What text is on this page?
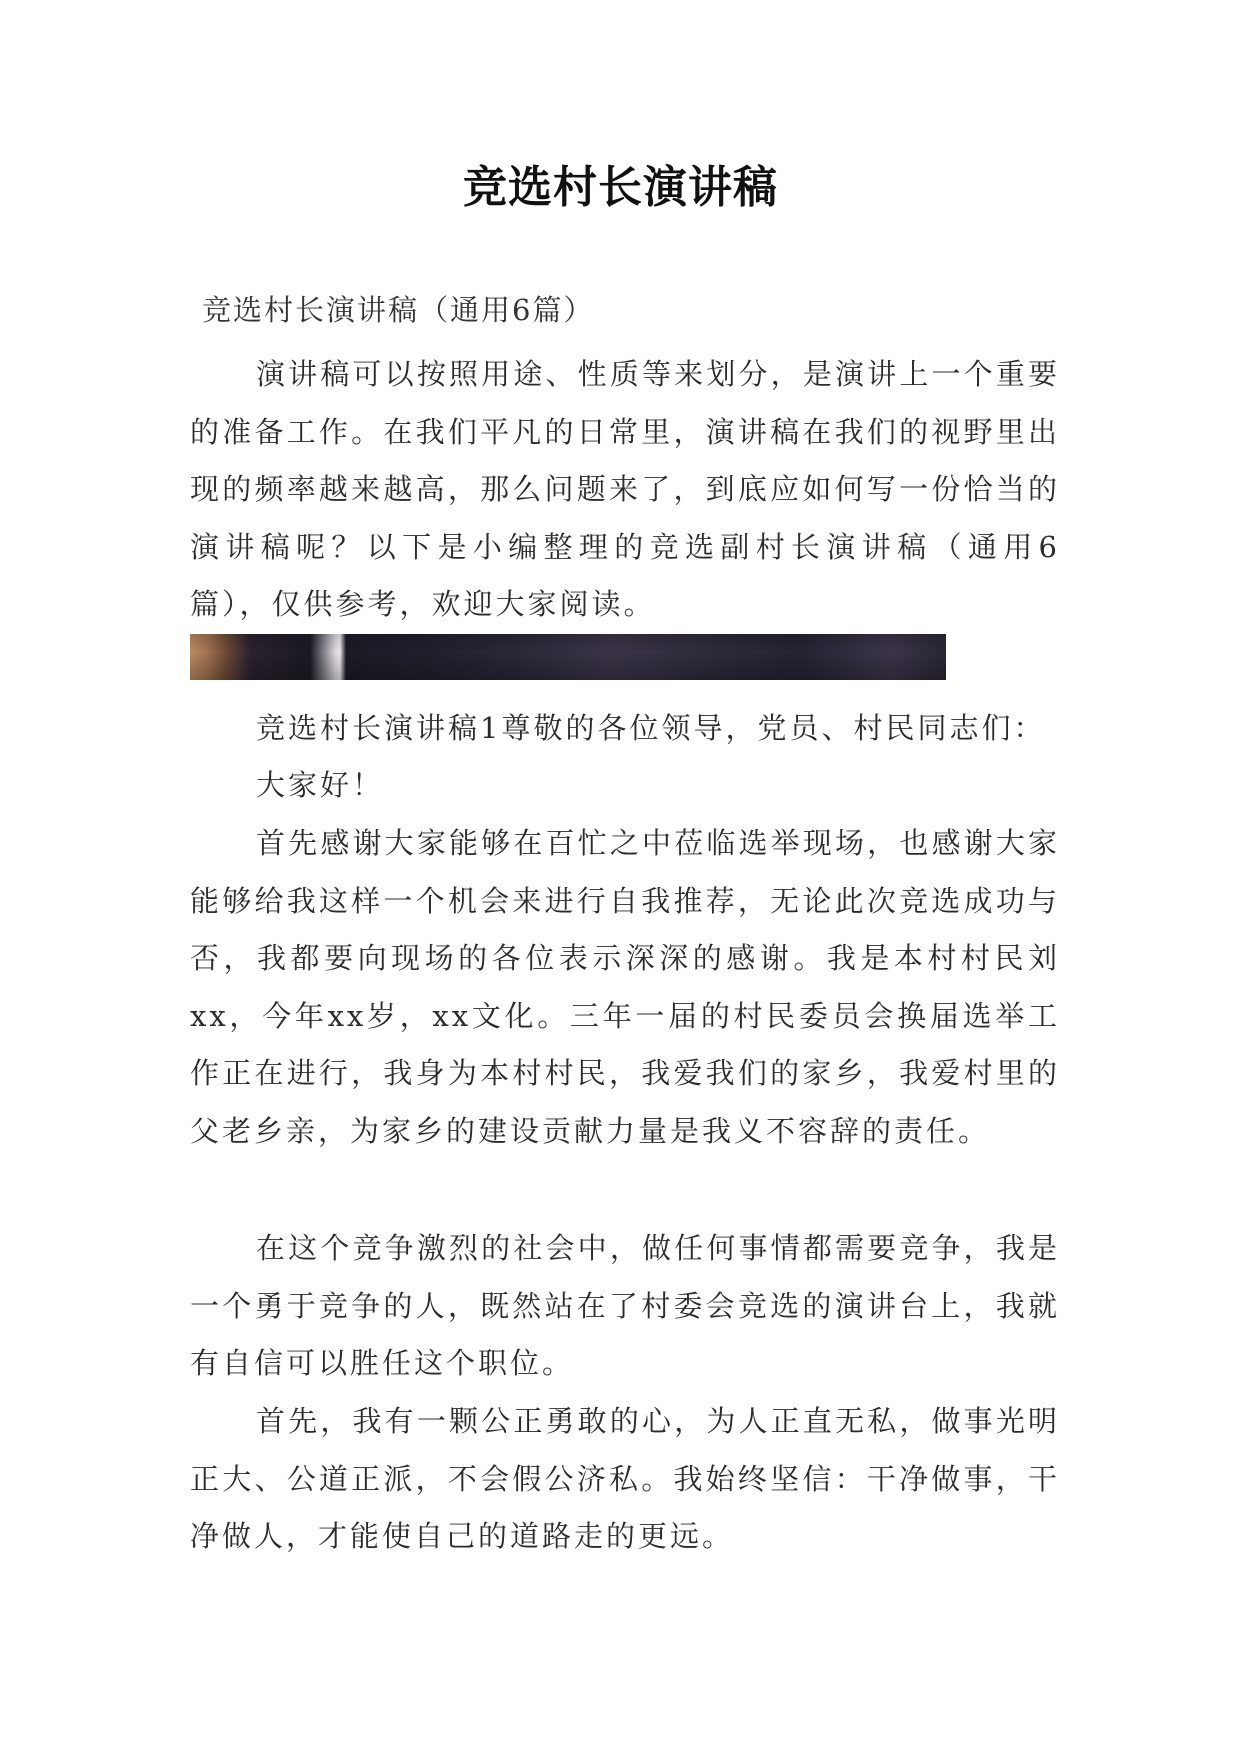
竞选村长演讲稿
竞选村长演讲稿（通用6篇）
演讲稿可以按照用途、性质等来划分，是演讲上一个重要的准备工作。在我们平凡的日常里，演讲稿在我们的视野里出现的频率越来越高，那么问题来了，到底应如何写一份恰当的演讲稿呢？以下是小编整理的竞选副村长演讲稿（通用6篇），仅供参考，欢迎大家阅读。
竞选村长演讲稿1尊敬的各位领导，党员、村民同志们：
大家好！
首先感谢大家能够在百忙之中莅临选举现场，也感谢大家能够给我这样一个机会来进行自我推荐，无论此次竞选成功与否，我都要向现场的各位表示深深的感谢。我是本村村民刘xx，今年xx岁，xx文化。三年一届的村民委员会换届选举工作正在进行，我身为本村村民，我爱我们的家乡，我爱村里的父老乡亲，为家乡的建设贡献力量是我义不容辞的责任。
在这个竞争激烈的社会中，做任何事情都需要竞争，我是一个勇于竞争的人，既然站在了村委会竞选的演讲台上，我就有自信可以胜任这个职位。
首先，我有一颗公正勇敢的心，为人正直无私，做事光明正大、公道正派，不会假公济私。我始终坚信：干净做事，干净做人，才能使自己的道路走的更远。
